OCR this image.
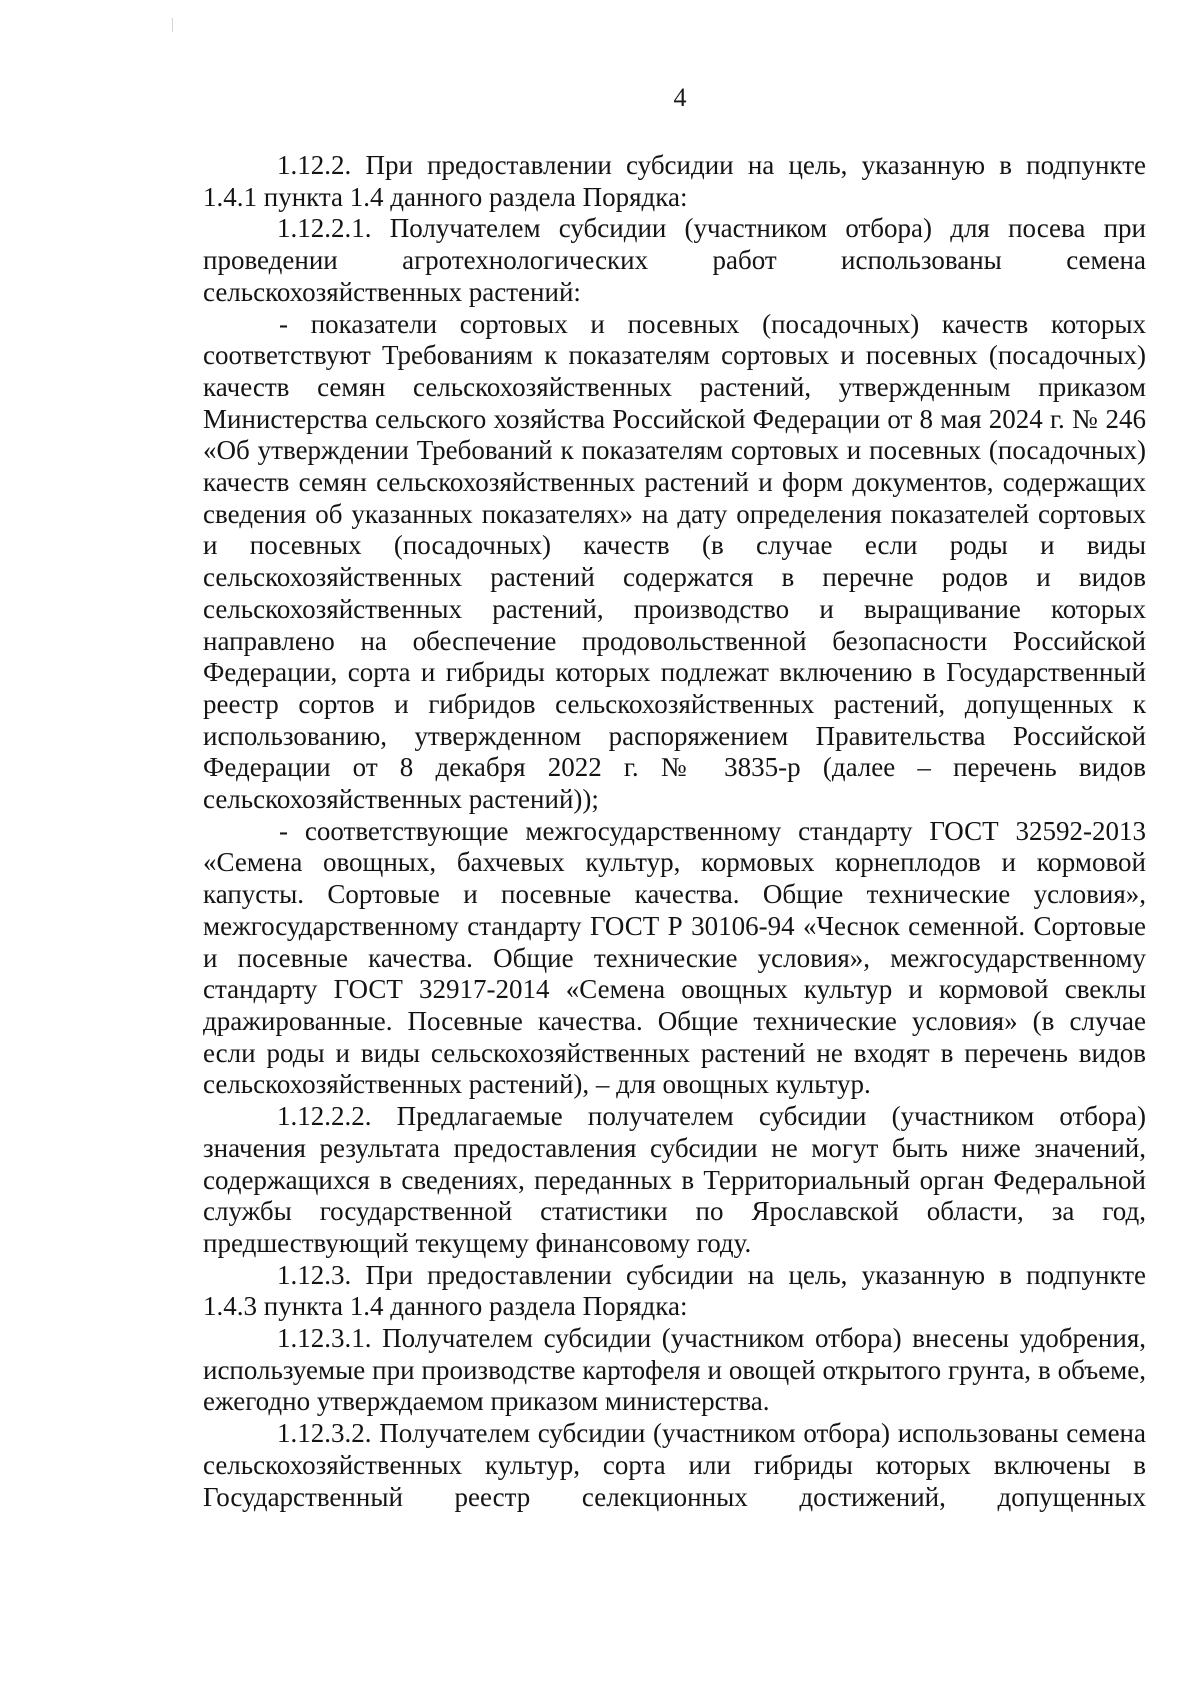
4

1.12.2. При предоставлении субсидии на цель, указанную в подпункте 1.4.1 пункта 1.4 данного раздела Порядка:

1.12.2.1. Получателем субсидии (участником отбора) для посева при проведении агротехнологических работ использованы семена сельскохозяйственных растений:

- показатели сортовых и посевных (посадочных) качеств которых соответствуют Требованиям к показателям сортовых и посевных (посадочных) качеств семян сельскохозяйственных растений, утвержденным приказом Министерства сельского хозяйства Российской Федерации от 8 мая 2024 г. № 246 «Об утверждении Требований к показателям сортовых и посевных (посадочных) качеств семян сельскохозяйственных растений и форм документов, содержащих сведения об указанных показателях» на дату определения показателей сортовых и посевных (посадочных) качеств (в случае если роды и виды сельскохозяйственных растений содержатся в перечне родов и видов сельскохозяйственных растений, производство и выращивание которых направлено на обеспечение продовольственной безопасности Российской Федерации, сорта и гибриды которых подлежат включению в Государственный реестр сортов и гибридов сельскохозяйственных растений, допущенных к использованию, утвержденном распоряжением Правительства Российской Федерации от 8 декабря 2022 г. № 3835-р (далее – перечень видов сельскохозяйственных растений));

- соответствующие межгосударственному стандарту ГОСТ 32592-2013 «Семена овощных, бахчевых культур, кормовых корнеплодов и кормовой капусты. Сортовые и посевные качества. Общие технические условия», межгосударственному стандарту ГОСТ Р 30106-94 «Чеснок семенной. Сортовые и посевные качества. Общие технические условия», межгосударственному стандарту ГОСТ 32917-2014 «Семена овощных культур и кормовой свеклы дражированные. Посевные качества. Общие технические условия» (в случае если роды и виды сельскохозяйственных растений не входят в перечень видов сельскохозяйственных растений), – для овощных культур.

1.12.2.2. Предлагаемые получателем субсидии (участником отбора) значения результата предоставления субсидии не могут быть ниже значений, содержащихся в сведениях, переданных в Территориальный орган Федеральной службы государственной статистики по Ярославской области, за год, предшествующий текущему финансовому году.

1.12.3. При предоставлении субсидии на цель, указанную в подпункте 1.4.3 пункта 1.4 данного раздела Порядка:

1.12.3.1. Получателем субсидии (участником отбора) внесены удобрения, используемые при производстве картофеля и овощей открытого грунта, в объеме, ежегодно утверждаемом приказом министерства.

1.12.3.2. Получателем субсидии (участником отбора) использованы семена сельскохозяйственных культур, сорта или гибриды которых включены в Государственный реестр селекционных достижений, допущенных
